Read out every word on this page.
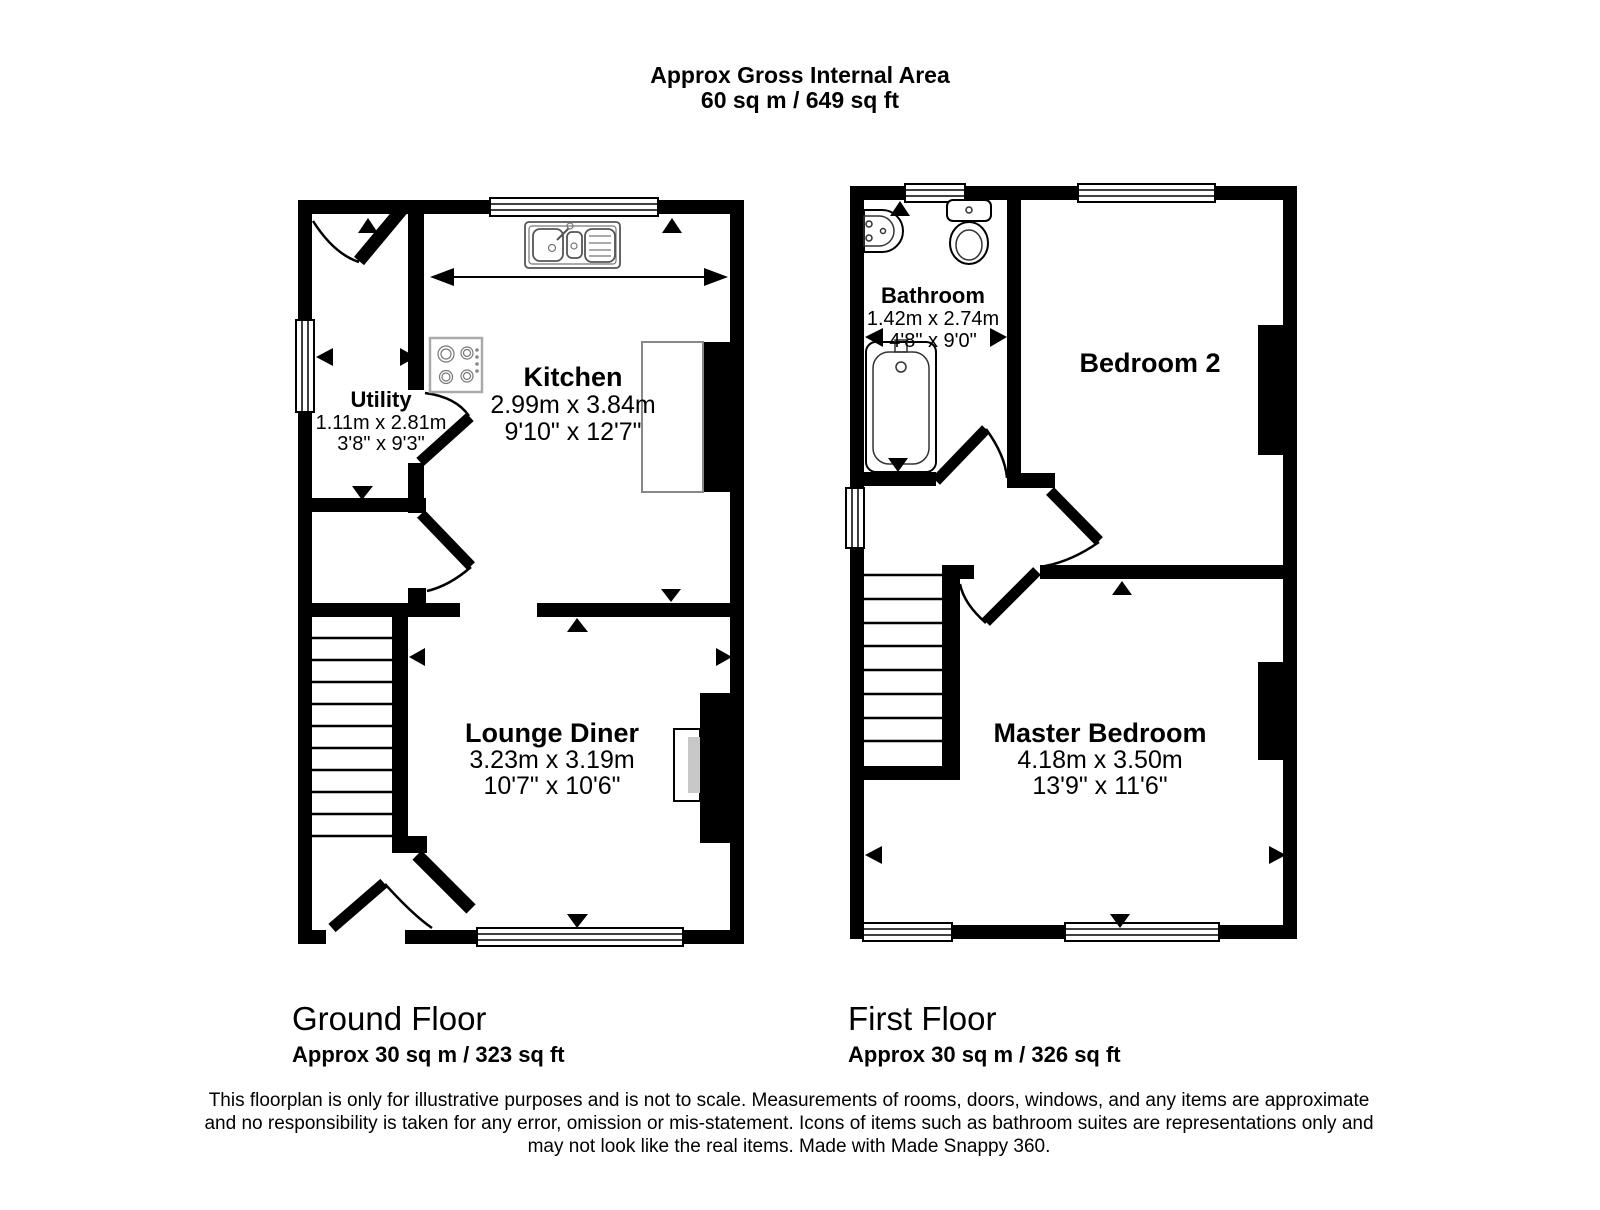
Approx Gross Internal Area
60 sq m / 649 sq ft
Utility
1.11m x 2.81m
3'8" x 9'3"
Kitchen
2.99m x 3.84m
9'10" x 12'7"
Lounge Diner
3.23m x 3.19m
10'7" x 10'6"
Bathroom
1.42m x 2.74m
4'8" x 9'0"
Bedroom 2
Master Bedroom
4.18m x 3.50m
13'9" x 11'6"
Ground Floor
Approx 30 sq m / 323 sq ft
First Floor
Approx 30 sq m / 326 sq ft
This floorplan is only for illustrative purposes and is not to scale. Measurements of rooms, doors, windows, and any items are approximate
and no responsibility is taken for any error, omission or mis-statement. Icons of items such as bathroom suites are representations only and
may not look like the real items. Made with Made Snappy 360.
